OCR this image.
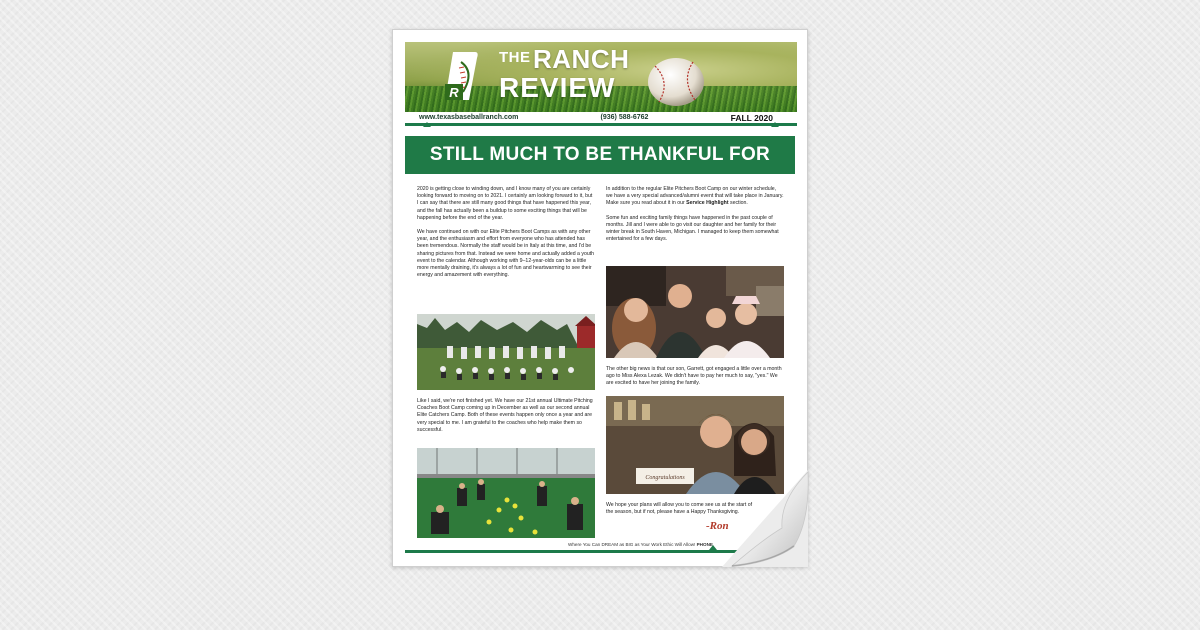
R
THE RANCH
REVIEW
www.texasbaseballranch.com	(936) 588-6762	FALL 2020
STILL MUCH TO BE THANKFUL FOR

2020 is getting close to winding down, and I know many of you are certainly looking forward to moving on to 2021. I certainly am looking forward to it, but I can say that there are still many good things that have happened this year, and the fall has actually been a buildup to some exciting things that will be happening before the end of the year.

We have continued on with our Elite Pitchers Boot Camps as with any other year, and the enthusiasm and effort from everyone who has attended has been tremendous. Normally the staff would be in Italy at this time, and I'd be sharing pictures from that. Instead we were home and actually added a youth event to the calendar. Although working with 9–12-year-olds can be a little more mentally draining, it's always a lot of fun and heartwarming to see their energy and amazement with everything.

Like I said, we're not finished yet. We have our 21st annual Ultimate Pitching Coaches Boot Camp coming up in December as well as our second annual Elite Catchers Camp. Both of these events happen only once a year and are very special to me. I am grateful to the coaches who help make them so successful.

In addition to the regular Elite Pitchers Boot Camp on our winter schedule, we have a very special advanced/alumni event that will take place in January. Make sure you read about it in our Service Highlight section.

Some fun and exciting family things have happened in the past couple of months. Jill and I were able to go visit our daughter and her family for their winter break in South Haven, Michigan. I managed to keep them somewhat entertained for a few days.

The other big news is that our son, Garrett, got engaged a little over a month ago to Miss Alexa Lezak. We didn't have to pay her much to say, "yes." We are excited to have her joining the family.

Congratulations

We hope your plans will allow you to come see us at the start of the season, but if not, please have a Happy Thanksgiving.

-Ron
Where You Can DREAM as BIG as Your Work Ethic Will Allow! PHONE
